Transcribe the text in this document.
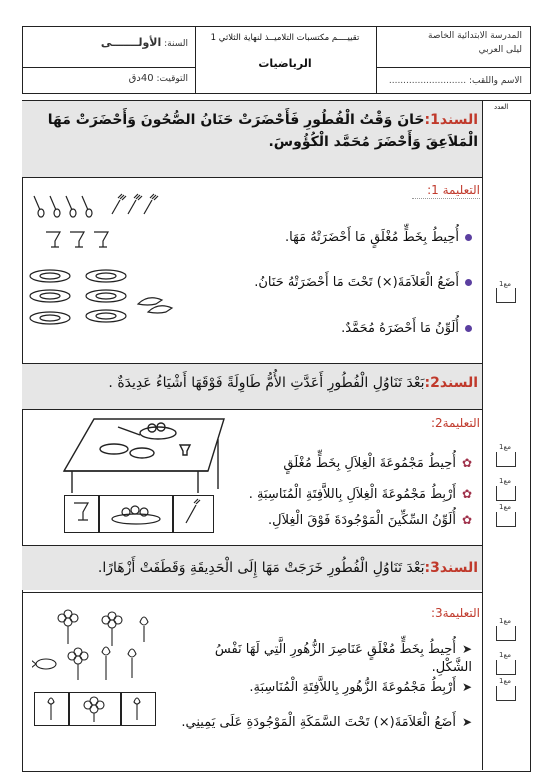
المدرسة الابتدائية الخاصة
ليلى العربي
الاسم واللقب: ...........................
تقييــــم مكتسبات التلاميــذ لنهاية الثلاثي 1
الرياضيات
السنة: الأولـــــــى
التوقيت: 40دق
العدد
السند1:حَانَ وَقْتُ الْفُطُورِ فَأَحْضَرَتْ حَنَانُ الصُّحُونَ وَأَحْضَرَتْ مَهَا الْمَلاَعِقَ وَأَحْضَرَ مُحَمَّد الْكُؤُوسَ.
التعليمة 1:
أُحِيطُ بِخَطٍّ مُغْلَقٍ مَا أَحْضَرَتْهُ مَهَا.
أَضَعُ الْعَلاَمَةَ(×) تَحْتَ مَا أَحْضَرَتْهُ حَنَانُ.
أُلَوِّنُ مَا أَحْضَرَهُ مُحَمَّدٌ.
مع1
السند2:بَعْدَ تَنَاوُلِ الْفُطُورِ أَعَدَّتِ الأُمُّ طَاوِلَةً فَوْقَهَا أَشْيَاءُ عَدِيدَةٌ .
التعليمة2:
✿أُحِيطُ مَجْمُوعَةَ الْغِلاَلِ بِخَطٍّ مُغْلَقٍ
✿أَرْبِطُ مَجْمُوعَةَ الْغِلاَلِ بِاللاَّفِتَةِ الْمُنَاسِبَةِ .
✿أُلَوِّنُ السِّكِّينَ الْمَوْجُودَةَ فَوْقَ الْغِلاَلِ.
مع1
مع1
مع1
السند3:بَعْدَ تَنَاوُلِ الْفُطُورِ خَرَجَتْ مَهَا إِلَى الْحَدِيقَةِ وَقَطَفَتْ أَزْهَارًا.
التعليمة3:
➤أُحِيطُ بِخَطٍّ مُغْلَقٍ عَنَاصِرَ الزُّهُورِ الَّتِي لَهَا نَفْسُ الشَّكْلِ.
➤أَرْبِطُ مَجْمُوعَةَ الزُّهُورِ بِاللاَّفِتَةِ الْمُنَاسِبَةِ.
➤أَضَعُ الْعَلاَمَةَ(×) تَحْتَ السَّمَكَةِ الْمَوْجُودَةِ عَلَى يَمِينِي.
مع1
مع1
مع1
